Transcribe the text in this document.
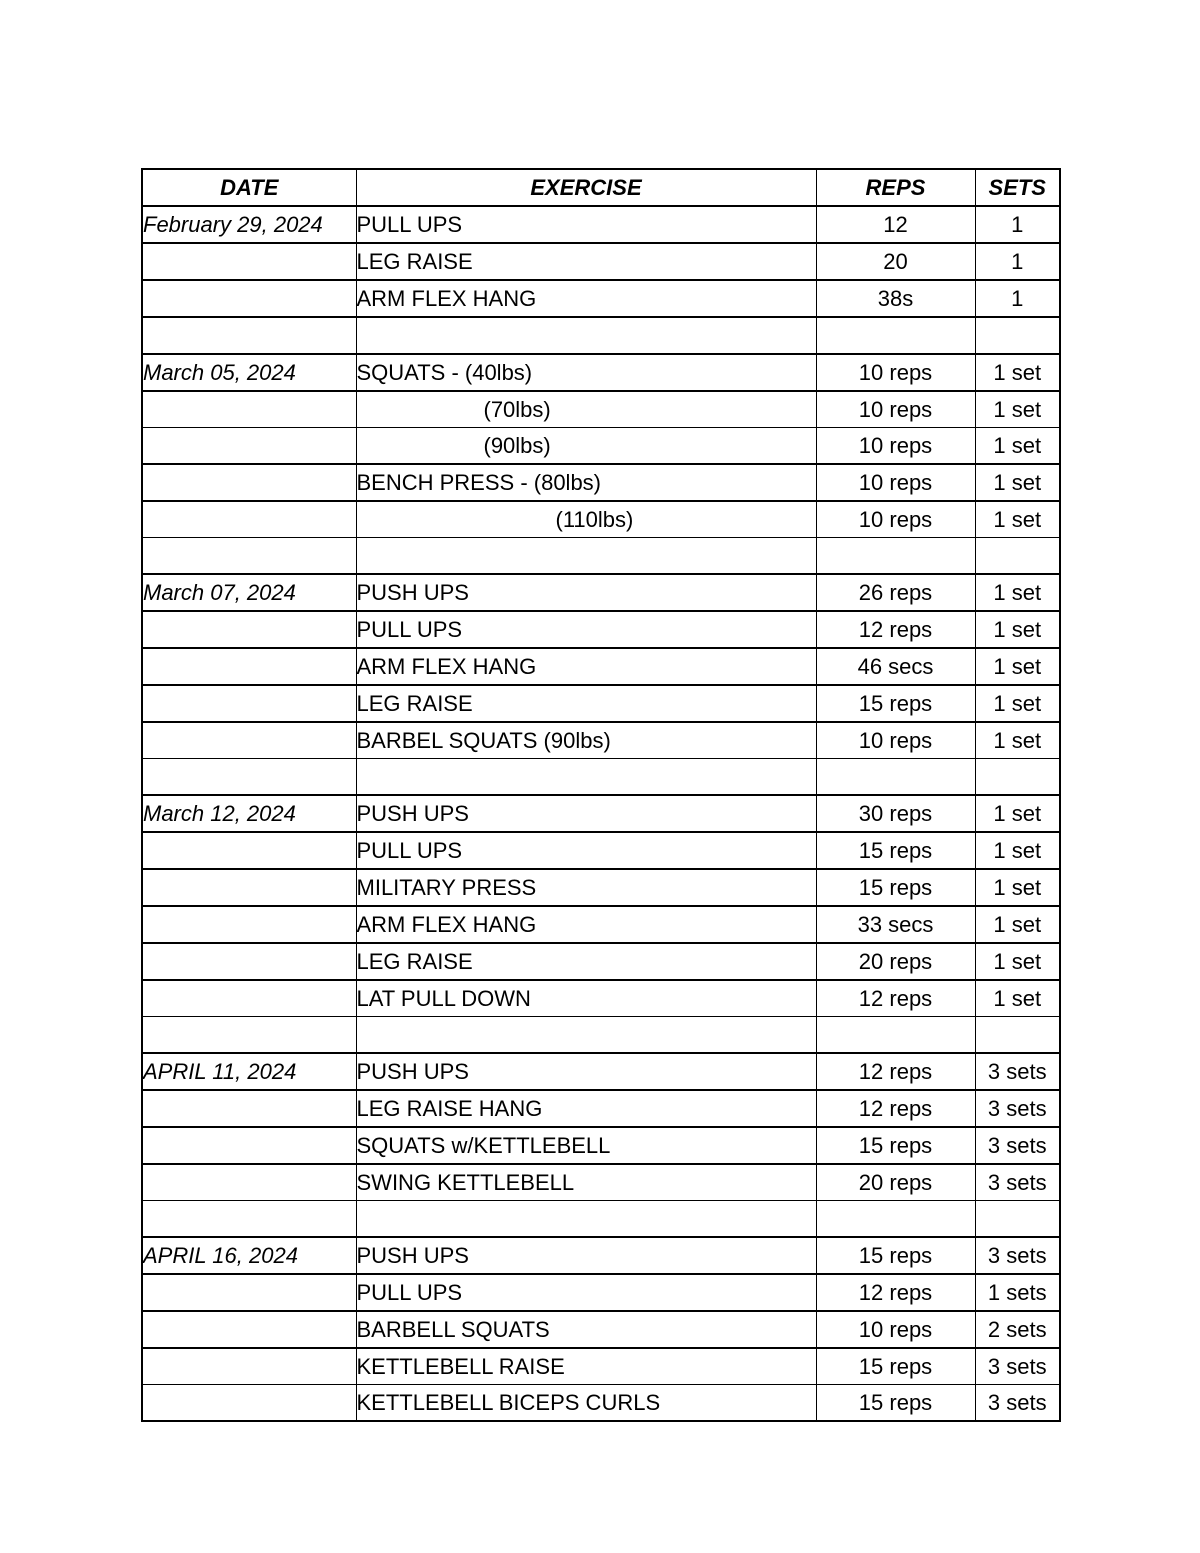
DATE	EXERCISE	REPS	SETS
February 29, 2024	PULL UPS	12	1
	LEG RAISE	20	1
	ARM FLEX HANG	38s	1

March 05, 2024	SQUATS - (40lbs)	10 reps	1 set
	(70lbs)	10 reps	1 set
	(90lbs)	10 reps	1 set
	BENCH PRESS - (80lbs)	10 reps	1 set
	(110lbs)	10 reps	1 set

March 07, 2024	PUSH UPS	26 reps	1 set
	PULL UPS	12 reps	1 set
	ARM FLEX HANG	46 secs	1 set
	LEG RAISE	15 reps	1 set
	BARBEL SQUATS (90lbs)	10 reps	1 set

March 12, 2024	PUSH UPS	30 reps	1 set
	PULL UPS	15 reps	1 set
	MILITARY PRESS	15 reps	1 set
	ARM FLEX HANG	33 secs	1 set
	LEG RAISE	20 reps	1 set
	LAT PULL DOWN	12 reps	1 set

APRIL 11, 2024	PUSH UPS	12 reps	3 sets
	LEG RAISE HANG	12 reps	3 sets
	SQUATS w/KETTLEBELL	15 reps	3 sets
	SWING KETTLEBELL	20 reps	3 sets

APRIL 16, 2024	PUSH UPS	15 reps	3 sets
	PULL UPS	12 reps	1 sets
	BARBELL SQUATS	10 reps	2 sets
	KETTLEBELL RAISE	15 reps	3 sets
	KETTLEBELL BICEPS CURLS	15 reps	3 sets
